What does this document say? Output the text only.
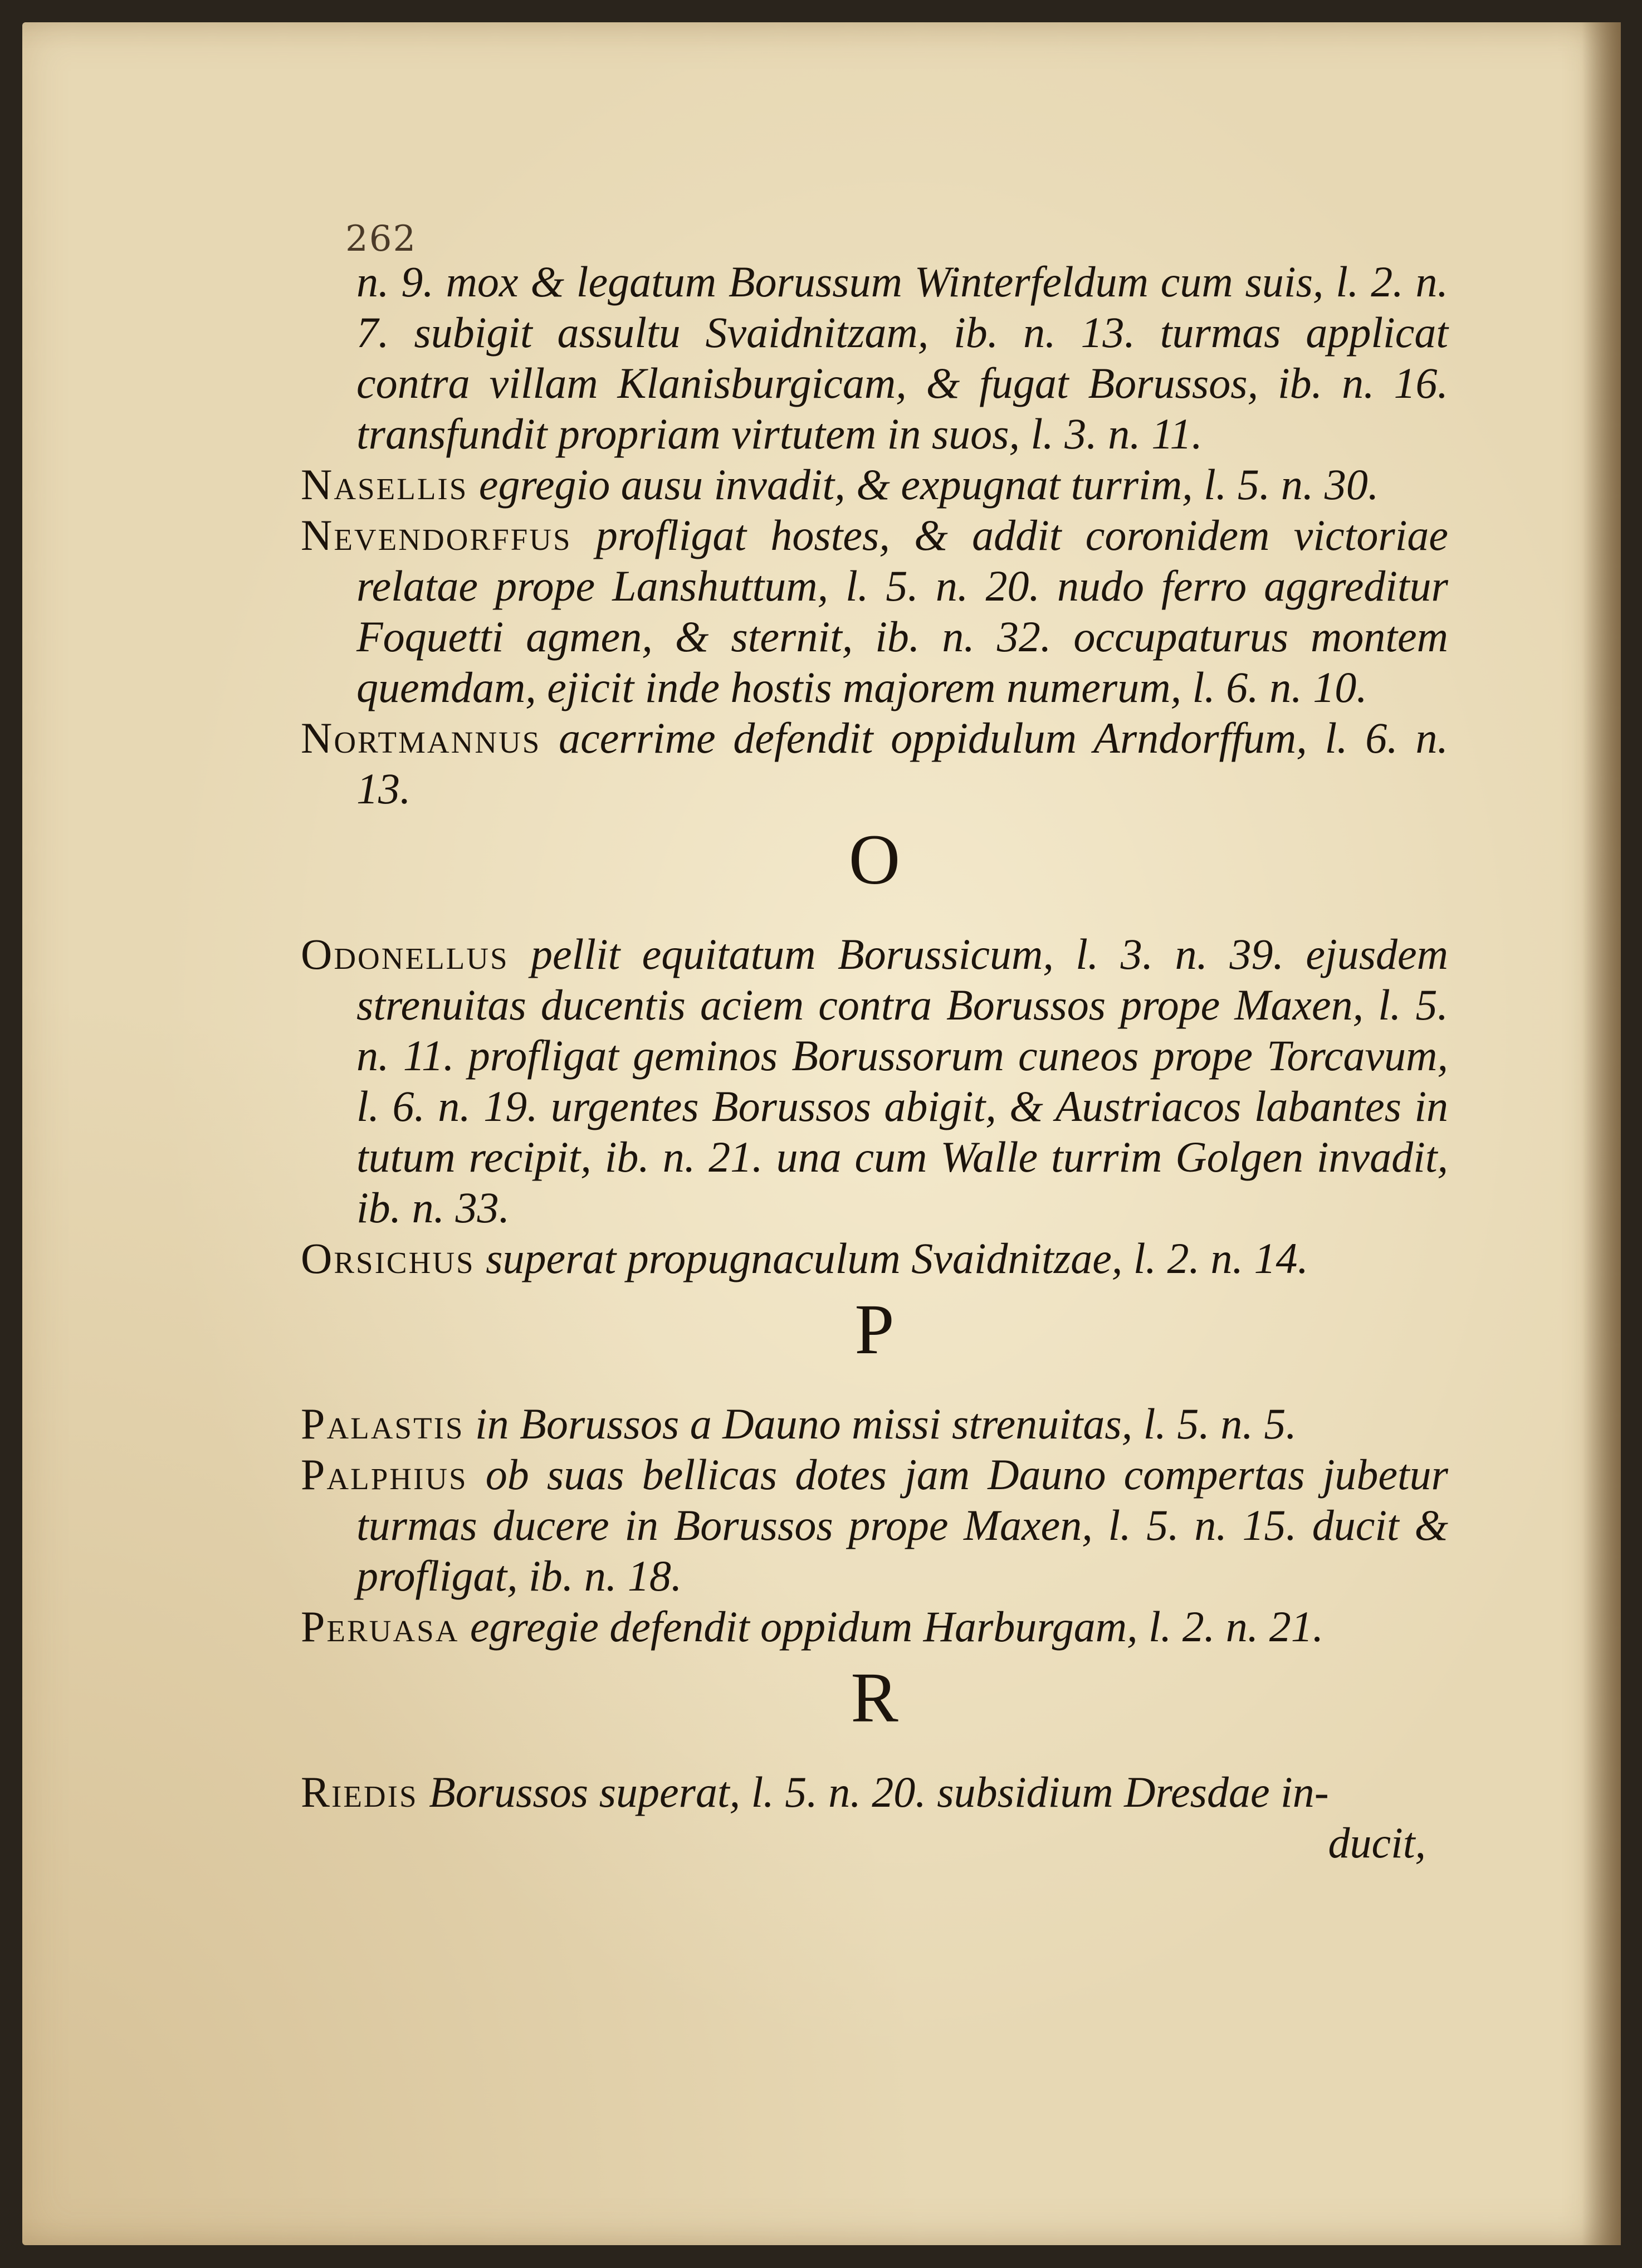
262
n. 9. mox & legatum Borussum Winterfeldum cum suis, l. 2. n. 7. subigit assultu Svaidnitzam, ib. n. 13. turmas applicat contra villam Klanisburgicam, & fugat Borussos, ib. n. 16. transfundit propriam virtutem in suos, l. 3. n. 11.
Nasellis egregio ausu invadit, & expugnat turrim, l. 5. n. 30.
Nevendorffus profligat hostes, & addit coronidem victoriae relatae prope Lanshuttum, l. 5. n. 20. nudo ferro aggreditur Foquetti agmen, & sternit, ib. n. 32. occupaturus montem quemdam, ejicit inde hostis majorem numerum, l. 6. n. 10.
Nortmannus acerrime defendit oppidulum Arndorffum, l. 6. n. 13.
O
Odonellus pellit equitatum Borussicum, l. 3. n. 39. ejusdem strenuitas ducentis aciem contra Borussos prope Maxen, l. 5. n. 11. profligat geminos Borussorum cuneos prope Torcavum, l. 6. n. 19. urgentes Borussos abigit, & Austriacos labantes in tutum recipit, ib. n. 21. una cum Walle turrim Golgen invadit, ib. n. 33.
Orsichus superat propugnaculum Svaidnitzae, l. 2. n. 14.
P
Palastis in Borussos a Dauno missi strenuitas, l. 5. n. 5.
Palphius ob suas bellicas dotes jam Dauno compertas jubetur turmas ducere in Borussos prope Maxen, l. 5. n. 15. ducit & profligat, ib. n. 18.
Peruasa egregie defendit oppidum Harburgam, l. 2. n. 21.
R
Riedis Borussos superat, l. 5. n. 20. subsidium Dresdae in-
ducit,
